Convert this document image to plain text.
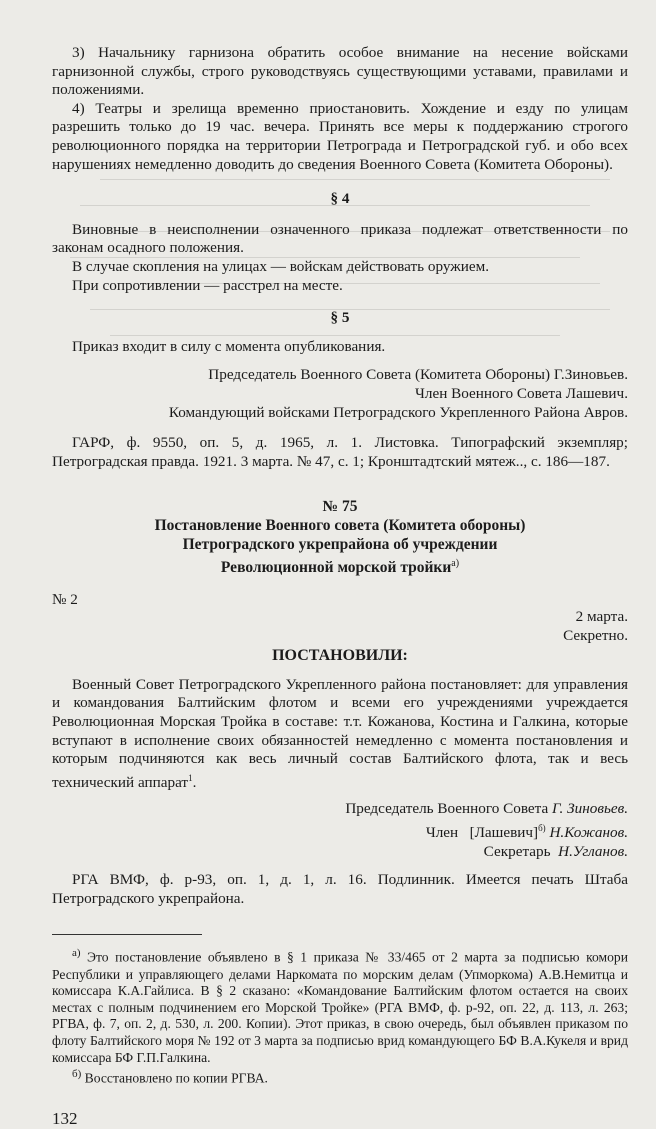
3) Начальнику гарнизона обратить особое внимание на несение войсками гарнизонной службы, строго руководствуясь существующими уставами, правилами и положениями.

4) Театры и зрелища временно приостановить. Хождение и езду по улицам разрешить только до 19 час. вечера. Принять все меры к поддержанию строгого революционного порядка на территории Петрограда и Петроградской губ. и обо всех нарушениях немедленно доводить до сведения Военного Совета (Комитета Обороны).

§ 4

Виновные в неисполнении означенного приказа подлежат ответственности по законам осадного положения.

В случае скопления на улицах — войскам действовать оружием.

При сопротивлении — расстрел на месте.

§ 5

Приказ входит в силу с момента опубликования.

Председатель Военного Совета (Комитета Обороны) Г.Зиновьев.

Член Военного Совета Лашевич.

Командующий войсками Петроградского Укрепленного Района Авров.

ГАРФ, ф. 9550, оп. 5, д. 1965, л. 1. Листовка. Типографский экземпляр; Петроградская правда. 1921. 3 марта. № 47, с. 1; Кронштадтский мятеж.., с. 186—187.

№ 75

Постановление Военного совета (Комитета обороны)

Петроградского укрепрайона об учреждении

Революционной морской тройки$^{а)}$

№ 2

2 марта.

Секретно.

ПОСТАНОВИЛИ:

Военный Совет Петроградского Укрепленного района постановляет: для управления и командования Балтийским флотом и всеми его учреждениями учреждается Революционная Морская Тройка в составе: т.т. Кожанова, Костина и Галкина, которые вступают в исполнение своих обязанностей немедленно с момента постановления и которым подчиняются как весь личный состав Балтийского флота, так и весь технический аппарат$^1$.

Председатель Военного Совета Г. Зиновьев.

Член [Лашевич]$^{б)}$ Н.Кожанов.

Секретарь Н.Угланов.

РГА ВМФ, ф. р-93, оп. 1, д. 1, л. 16. Подлинник. Имеется печать Штаба Петроградского укрепрайона.

$^{а)}$ Это постановление объявлено в § 1 приказа № 33/465 от 2 марта за подписью комори Республики и управляющего делами Наркомата по морским делам (Упморкома) А.В.Немитца и комиссара К.А.Гайлиса. В § 2 сказано: «Командование Балтийским флотом остается на своих местах с полным подчинением его Морской Тройке» (РГА ВМФ, ф. р-92, оп. 22, д. 113, л. 263; РГВА, ф. 7, оп. 2, д. 530, л. 200. Копии). Этот приказ, в свою очередь, был объявлен приказом по флоту Балтийского моря № 192 от 3 марта за подписью врид командующего БФ В.А.Кукеля и врид комиссара БФ Г.П.Галкина.

$^{б)}$ Восстановлено по копии РГВА.

132
